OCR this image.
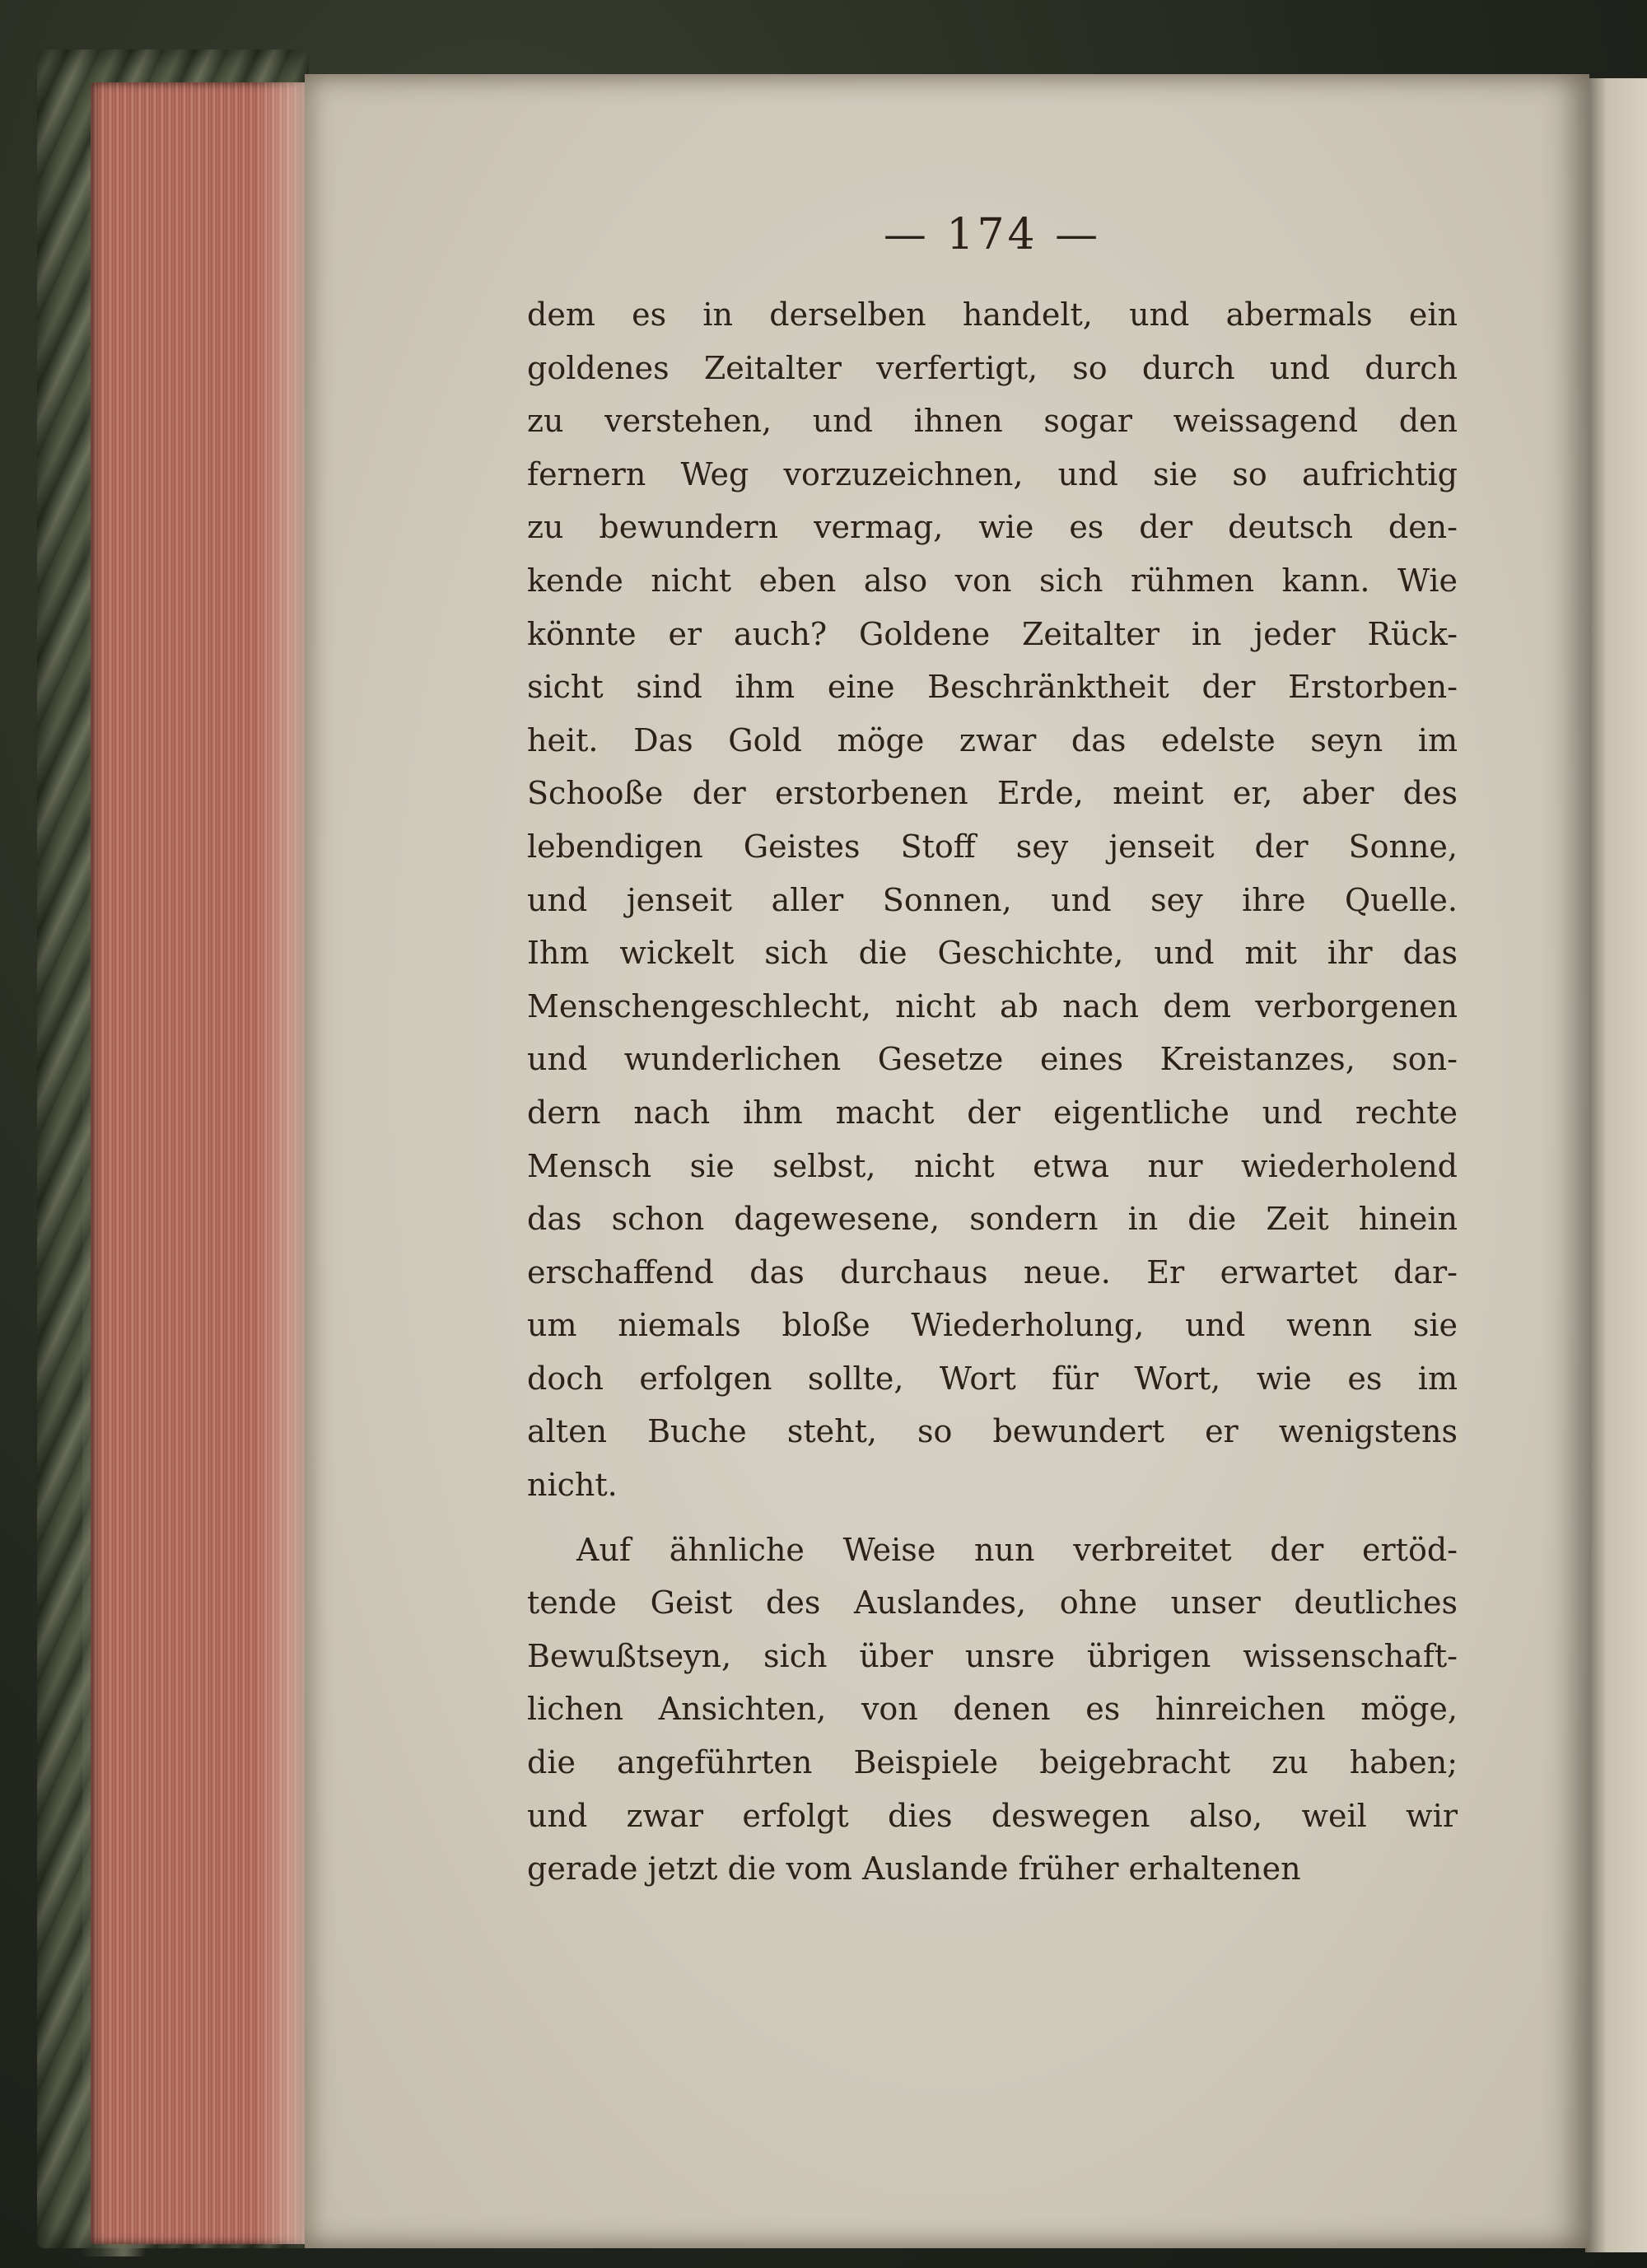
— 174 —
dem es in derselben handelt, und abermals ein
goldenes Zeitalter verfertigt, so durch und durch
zu verstehen, und ihnen sogar weissagend den
fernern Weg vorzuzeichnen, und sie so aufrichtig
zu bewundern vermag, wie es der deutsch den-
kende nicht eben also von sich rühmen kann. Wie
könnte er auch? Goldene Zeitalter in jeder Rück-
sicht sind ihm eine Beschränktheit der Erstorben-
heit. Das Gold möge zwar das edelste seyn im
Schooße der erstorbenen Erde, meint er, aber des
lebendigen Geistes Stoff sey jenseit der Sonne,
und jenseit aller Sonnen, und sey ihre Quelle.
Ihm wickelt sich die Geschichte, und mit ihr das
Menschengeschlecht, nicht ab nach dem verborgenen
und wunderlichen Gesetze eines Kreistanzes, son-
dern nach ihm macht der eigentliche und rechte
Mensch sie selbst, nicht etwa nur wiederholend
das schon dagewesene, sondern in die Zeit hinein
erschaffend das durchaus neue. Er erwartet dar-
um niemals bloße Wiederholung, und wenn sie
doch erfolgen sollte, Wort für Wort, wie es im
alten Buche steht, so bewundert er wenigstens
nicht.
Auf ähnliche Weise nun verbreitet der ertöd-
tende Geist des Auslandes, ohne unser deutliches
Bewußtseyn, sich über unsre übrigen wissenschaft-
lichen Ansichten, von denen es hinreichen möge,
die angeführten Beispiele beigebracht zu haben;
und zwar erfolgt dies deswegen also, weil wir
gerade jetzt die vom Auslande früher erhaltenen
